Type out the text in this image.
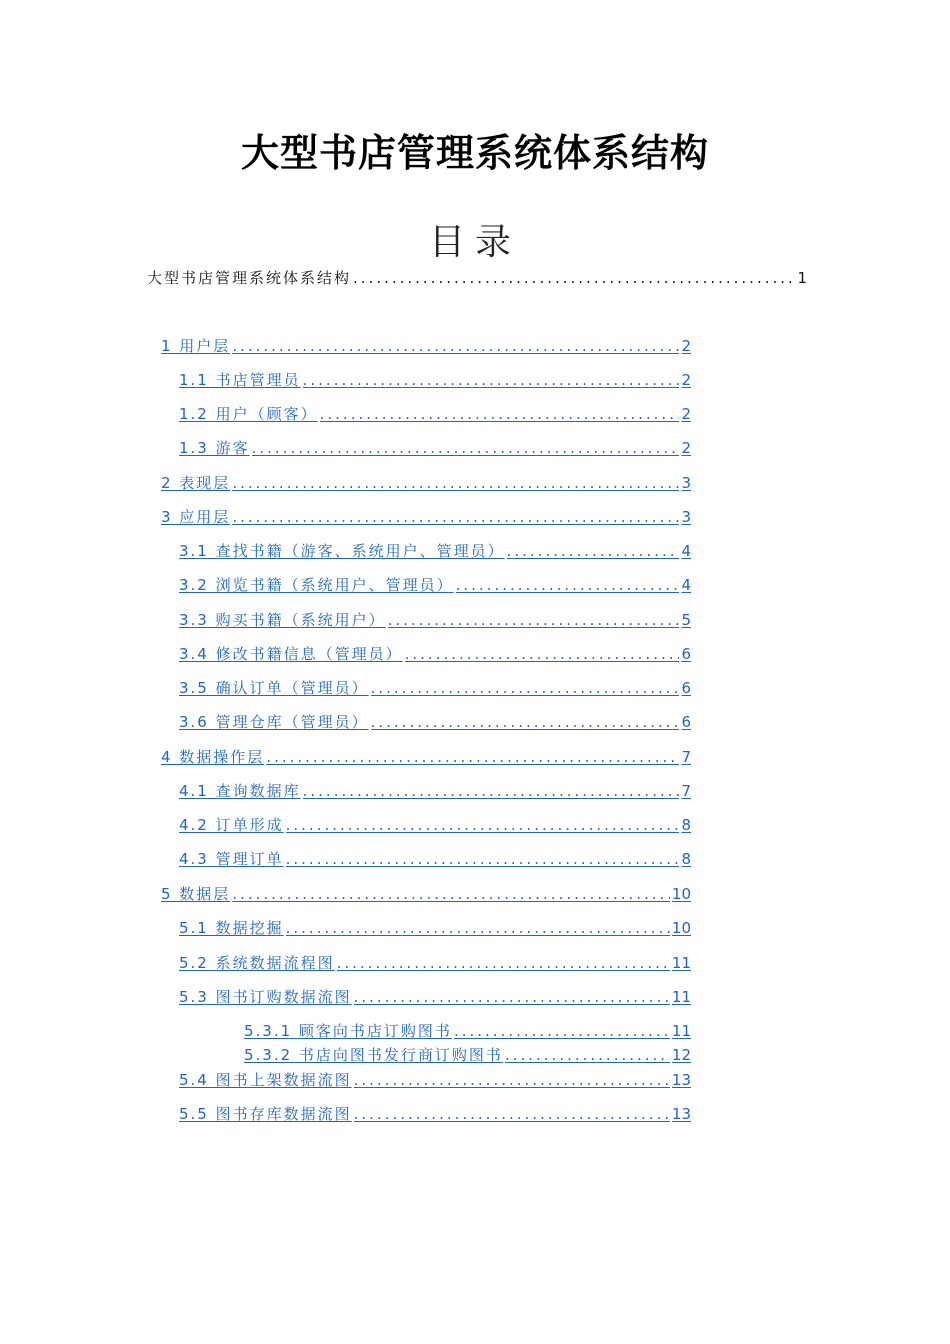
大型书店管理系统体系结构
目录
大型书店管理系统体系结构 .....	1
1 用户层 .....	2
1.1 书店管理员 .....	2
1.2 用户（顾客） .....	2
1.3 游客 .....	2
2 表现层 .....	3
3 应用层 .....	3
3.1 查找书籍（游客、系统用户、管理员） .....	4
3.2 浏览书籍（系统用户、管理员） .....	4
3.3 购买书籍（系统用户） .....	5
3.4 修改书籍信息（管理员） .....	6
3.5 确认订单（管理员） .....	6
3.6 管理仓库（管理员） .....	6
4 数据操作层 .....	7
4.1 查询数据库 .....	7
4.2 订单形成 .....	8
4.3 管理订单 .....	8
5 数据层 .....	10
5.1 数据挖掘 .....	10
5.2 系统数据流程图 .....	11
5.3 图书订购数据流图 .....	11
5.3.1 顾客向书店订购图书 .....	11
5.3.2 书店向图书发行商订购图书 .....	12
5.4 图书上架数据流图 .....	13
5.5 图书存库数据流图 .....	13
